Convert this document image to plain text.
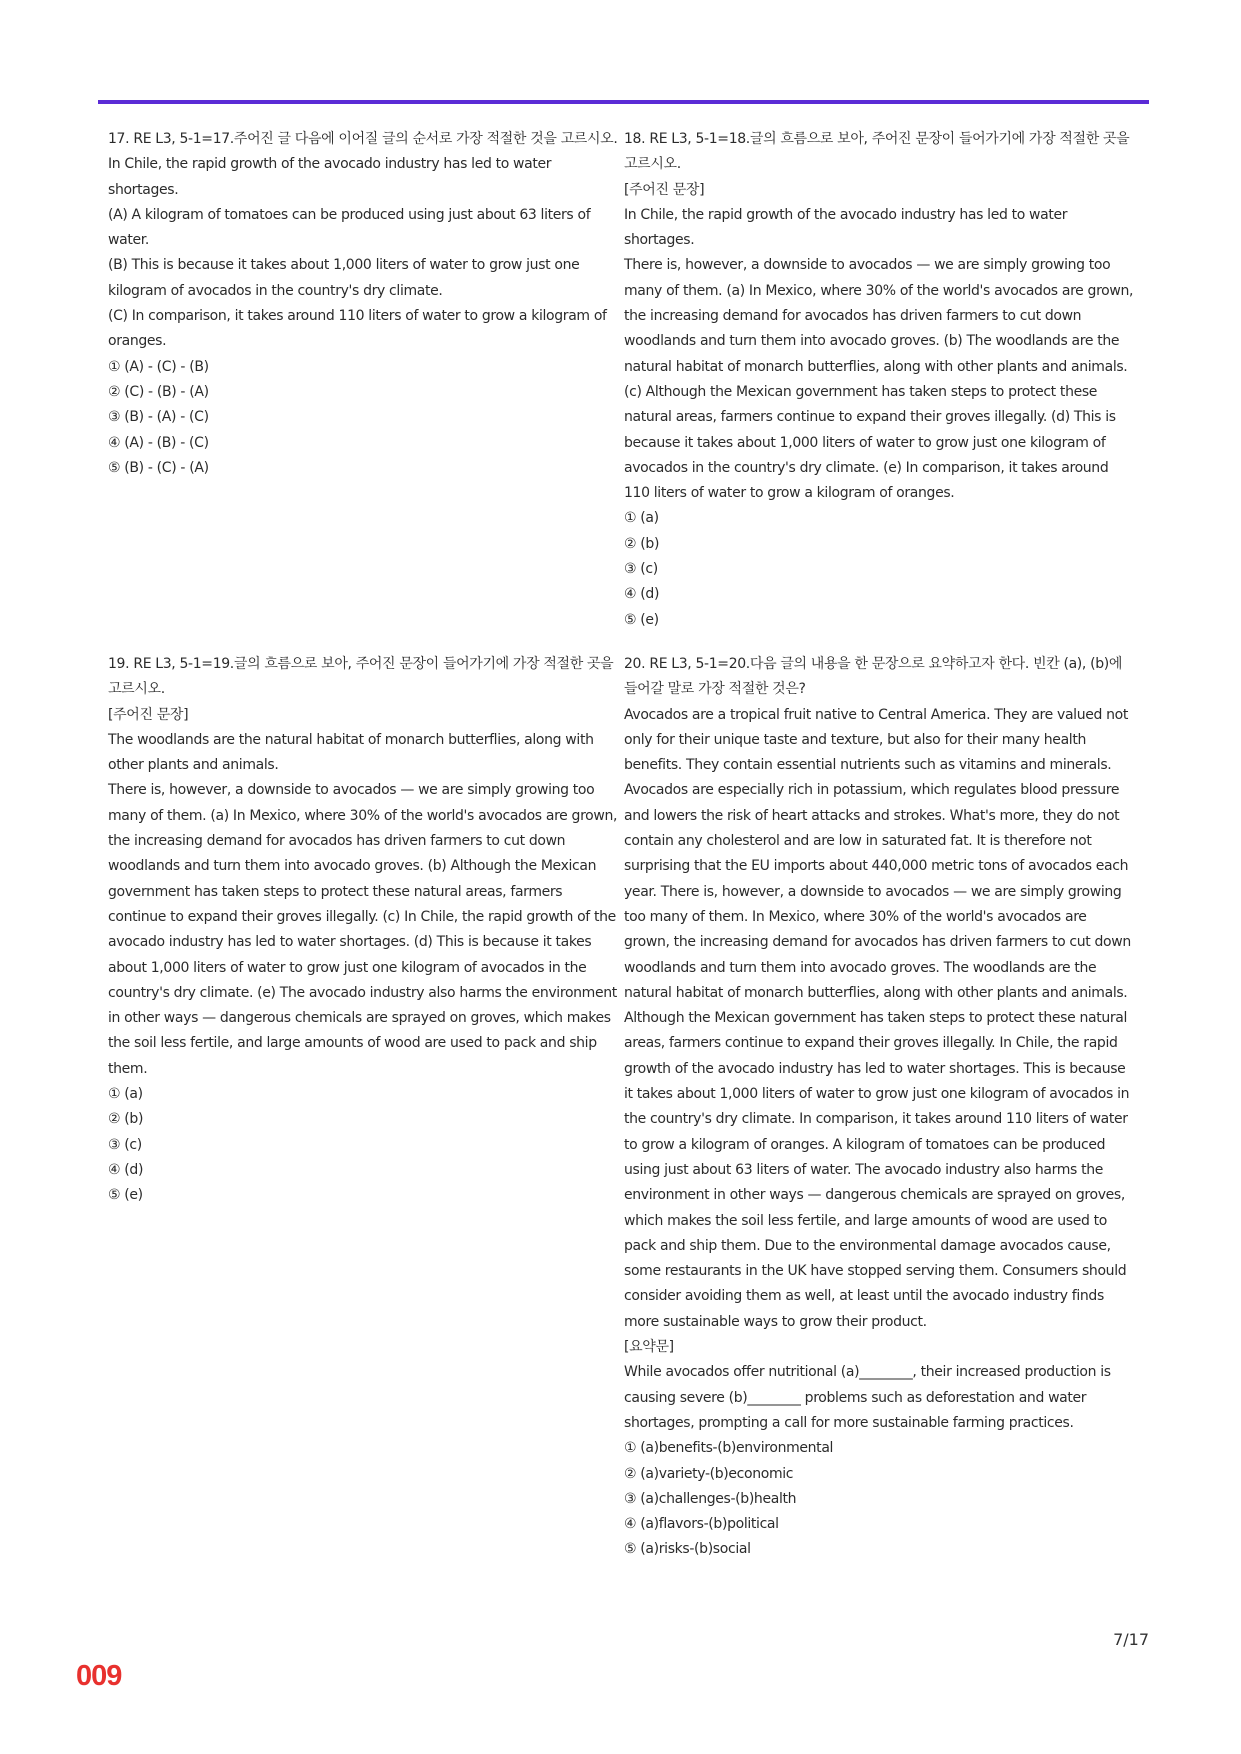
17. RE L3, 5-1=17.주어진 글 다음에 이어질 글의 순서로 가장 적절한 것을 고르시오.

In Chile, the rapid growth of the avocado industry has led to water shortages.

(A) A kilogram of tomatoes can be produced using just about 63 liters of water.

(B) This is because it takes about 1,000 liters of water to grow just one kilogram of avocados in the country's dry climate.

(C) In comparison, it takes around 110 liters of water to grow a kilogram of oranges.

① (A) - (C) - (B)

② (C) - (B) - (A)

③ (B) - (A) - (C)

④ (A) - (B) - (C)

⑤ (B) - (C) - (A)

18. RE L3, 5-1=18.글의 흐름으로 보아, 주어진 문장이 들어가기에 가장 적절한 곳을 고르시오.

[주어진 문장]

In Chile, the rapid growth of the avocado industry has led to water shortages.

There is, however, a downside to avocados — we are simply growing too many of them. (a) In Mexico, where 30% of the world's avocados are grown, the increasing demand for avocados has driven farmers to cut down woodlands and turn them into avocado groves. (b) The woodlands are the natural habitat of monarch butterflies, along with other plants and animals. (c) Although the Mexican government has taken steps to protect these natural areas, farmers continue to expand their groves illegally. (d) This is because it takes about 1,000 liters of water to grow just one kilogram of avocados in the country's dry climate. (e) In comparison, it takes around 110 liters of water to grow a kilogram of oranges.

① (a)

② (b)

③ (c)

④ (d)

⑤ (e)

19. RE L3, 5-1=19.글의 흐름으로 보아, 주어진 문장이 들어가기에 가장 적절한 곳을 고르시오.

[주어진 문장]

The woodlands are the natural habitat of monarch butterflies, along with other plants and animals.

There is, however, a downside to avocados — we are simply growing too many of them. (a) In Mexico, where 30% of the world's avocados are grown, the increasing demand for avocados has driven farmers to cut down woodlands and turn them into avocado groves. (b) Although the Mexican government has taken steps to protect these natural areas, farmers continue to expand their groves illegally. (c) In Chile, the rapid growth of the avocado industry has led to water shortages. (d) This is because it takes about 1,000 liters of water to grow just one kilogram of avocados in the country's dry climate. (e) The avocado industry also harms the environment in other ways — dangerous chemicals are sprayed on groves, which makes the soil less fertile, and large amounts of wood are used to pack and ship them.

① (a)

② (b)

③ (c)

④ (d)

⑤ (e)

20. RE L3, 5-1=20.다음 글의 내용을 한 문장으로 요약하고자 한다. 빈칸 (a), (b)에 들어갈 말로 가장 적절한 것은?

Avocados are a tropical fruit native to Central America. They are valued not only for their unique taste and texture, but also for their many health benefits. They contain essential nutrients such as vitamins and minerals. Avocados are especially rich in potassium, which regulates blood pressure and lowers the risk of heart attacks and strokes. What's more, they do not contain any cholesterol and are low in saturated fat. It is therefore not surprising that the EU imports about 440,000 metric tons of avocados each year. There is, however, a downside to avocados — we are simply growing too many of them. In Mexico, where 30% of the world's avocados are grown, the increasing demand for avocados has driven farmers to cut down woodlands and turn them into avocado groves. The woodlands are the natural habitat of monarch butterflies, along with other plants and animals. Although the Mexican government has taken steps to protect these natural areas, farmers continue to expand their groves illegally. In Chile, the rapid growth of the avocado industry has led to water shortages. This is because it takes about 1,000 liters of water to grow just one kilogram of avocados in the country's dry climate. In comparison, it takes around 110 liters of water to grow a kilogram of oranges. A kilogram of tomatoes can be produced using just about 63 liters of water. The avocado industry also harms the environment in other ways — dangerous chemicals are sprayed on groves, which makes the soil less fertile, and large amounts of wood are used to pack and ship them. Due to the environmental damage avocados cause, some restaurants in the UK have stopped serving them. Consumers should consider avoiding them as well, at least until the avocado industry finds more sustainable ways to grow their product.

[요약문]

While avocados offer nutritional (a)________, their increased production is causing severe (b)________ problems such as deforestation and water shortages, prompting a call for more sustainable farming practices.

① (a)benefits-(b)environmental

② (a)variety-(b)economic

③ (a)challenges-(b)health

④ (a)flavors-(b)political

⑤ (a)risks-(b)social

7/17
009
